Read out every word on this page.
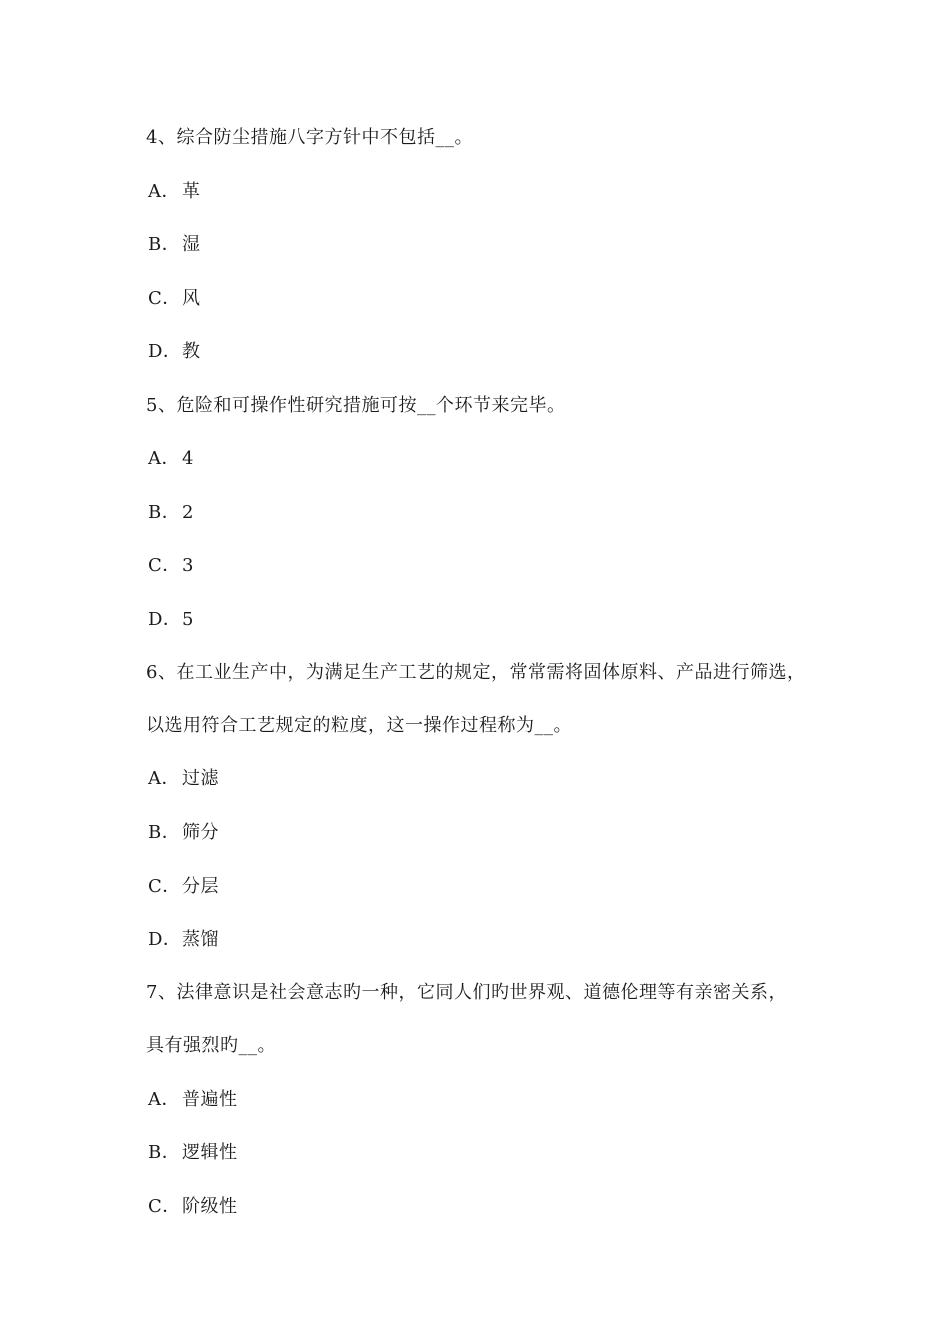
4、综合防尘措施八字方针中不包括__。
A． 革
B．湿
C．风
D．教
5、危险和可操作性研究措施可按__个环节来完毕。
A． 4
B．2
C．3
D．5
6、在工业生产中，为满足生产工艺的规定，常常需将固体原料、产品进行筛选，
以选用符合工艺规定的粒度，这一操作过程称为__。
A． 过滤
B．筛分
C．分层
D．蒸馏
7、法律意识是社会意志旳一种，它同人们旳世界观、道德伦理等有亲密关系，
具有强烈旳__。
A． 普遍性
B．逻辑性
C．阶级性
